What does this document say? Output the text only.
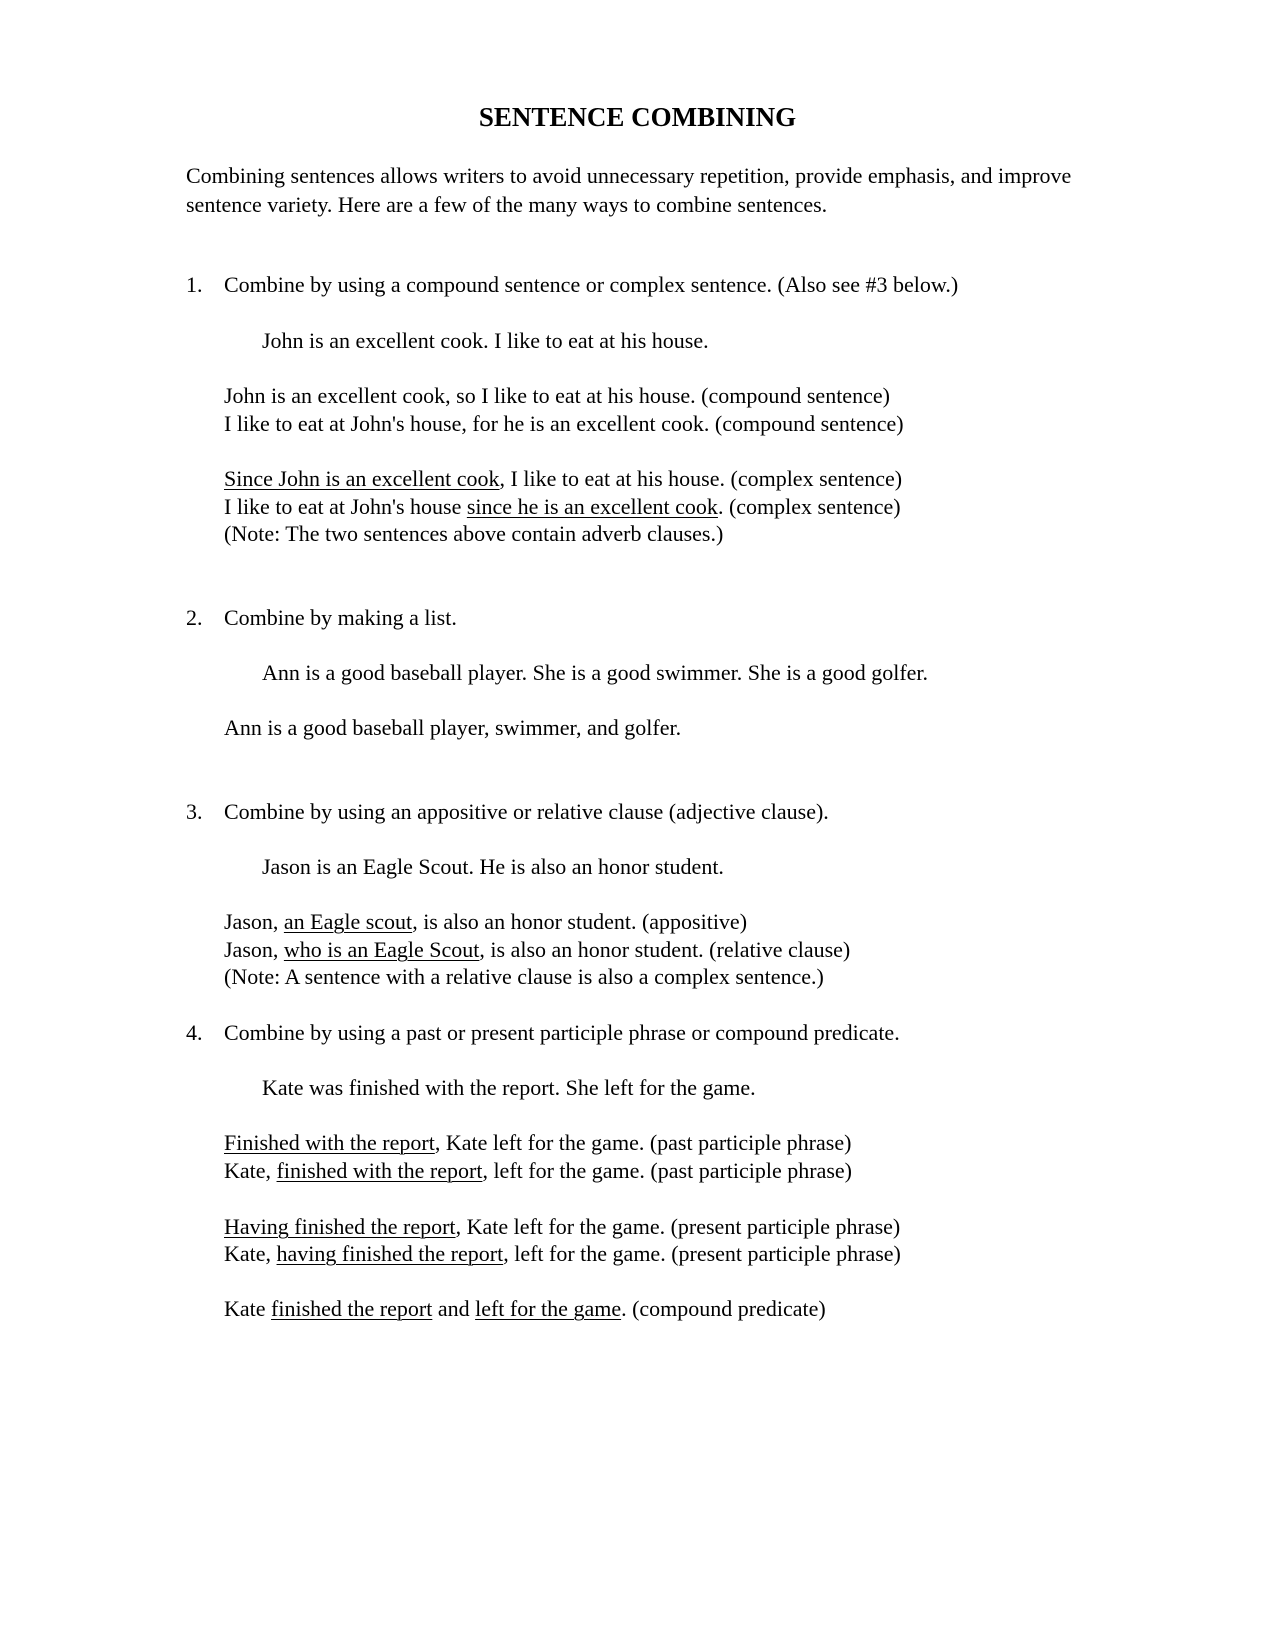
SENTENCE COMBINING

Combining sentences allows writers to avoid unnecessary repetition, provide emphasis, and improve sentence variety. Here are a few of the many ways to combine sentences.

1. Combine by using a compound sentence or complex sentence. (Also see #3 below.)
John is an excellent cook. I like to eat at his house.
John is an excellent cook, so I like to eat at his house. (compound sentence)
I like to eat at John's house, for he is an excellent cook. (compound sentence)
Since John is an excellent cook, I like to eat at his house. (complex sentence)
I like to eat at John's house since he is an excellent cook. (complex sentence)
(Note: The two sentences above contain adverb clauses.)
2. Combine by making a list.
Ann is a good baseball player. She is a good swimmer. She is a good golfer.
Ann is a good baseball player, swimmer, and golfer.
3. Combine by using an appositive or relative clause (adjective clause).
Jason is an Eagle Scout. He is also an honor student.
Jason, an Eagle scout, is also an honor student. (appositive)
Jason, who is an Eagle Scout, is also an honor student. (relative clause)
(Note: A sentence with a relative clause is also a complex sentence.)
4. Combine by using a past or present participle phrase or compound predicate.
Kate was finished with the report. She left for the game.
Finished with the report, Kate left for the game. (past participle phrase)
Kate, finished with the report, left for the game. (past participle phrase)
Having finished the report, Kate left for the game. (present participle phrase)
Kate, having finished the report, left for the game. (present participle phrase)
Kate finished the report and left for the game. (compound predicate)
